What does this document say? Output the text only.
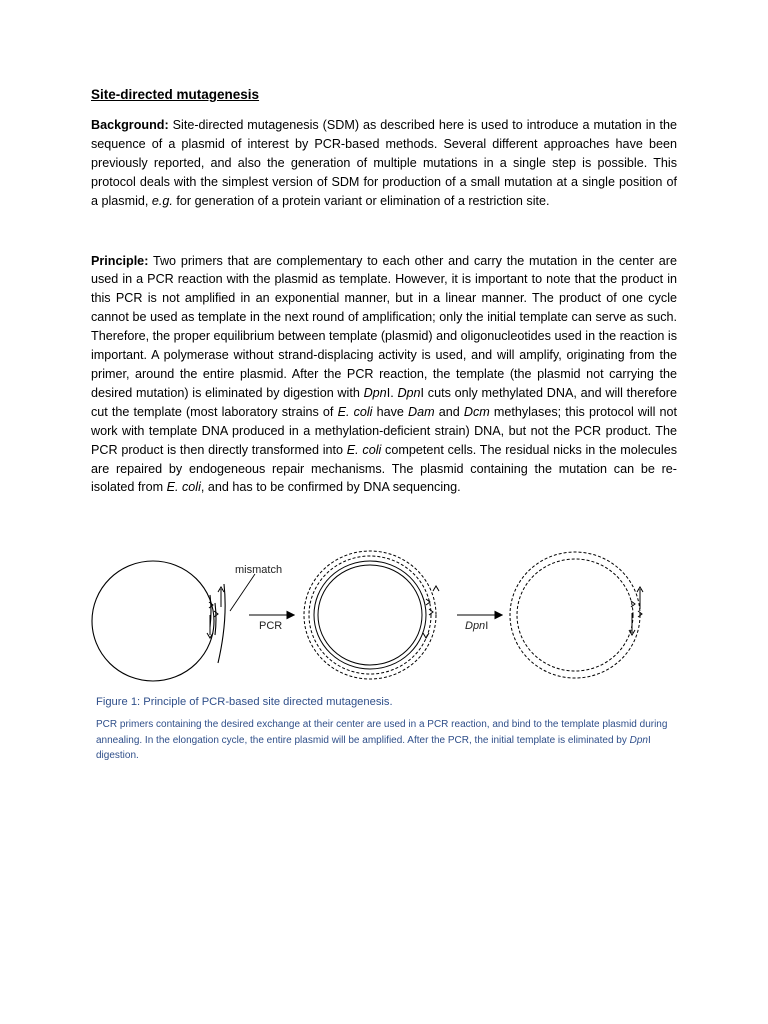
Site-directed mutagenesis

Background: Site-directed mutagenesis (SDM) as described here is used to introduce a mutation in the sequence of a plasmid of interest by PCR-based methods. Several different approaches have been previously reported, and also the generation of multiple mutations in a single step is possible. This protocol deals with the simplest version of SDM for production of a small mutation at a single position of a plasmid, e.g. for generation of a protein variant or elimination of a restriction site.

Principle: Two primers that are complementary to each other and carry the mutation in the center are used in a PCR reaction with the plasmid as template. However, it is important to note that the product in this PCR is not amplified in an exponential manner, but in a linear manner. The product of one cycle cannot be used as template in the next round of amplification; only the initial template can serve as such. Therefore, the proper equilibrium between template (plasmid) and oligonucleotides used in the reaction is important. A polymerase without strand-displacing activity is used, and will amplify, originating from the primer, around the entire plasmid. After the PCR reaction, the template (the plasmid not carrying the desired mutation) is eliminated by digestion with DpnI. DpnI cuts only methylated DNA, and will therefore cut the template (most laboratory strains of E. coli have Dam and Dcm methylases; this protocol will not work with template DNA produced in a methylation-deficient strain) DNA, but not the PCR product. The PCR product is then directly transformed into E. coli competent cells. The residual nicks in the molecules are repaired by endogeneous repair mechanisms. The plasmid containing the mutation can be re-isolated from E. coli, and has to be confirmed by DNA sequencing.

mismatch
PCR	DpnI
Figure 1: Principle of PCR-based site directed mutagenesis.
PCR primers containing the desired exchange at their center are used in a PCR reaction, and bind to the template plasmid during annealing. In the elongation cycle, the entire plasmid will be amplified. After the PCR, the initial template is eliminated by DpnI digestion.
